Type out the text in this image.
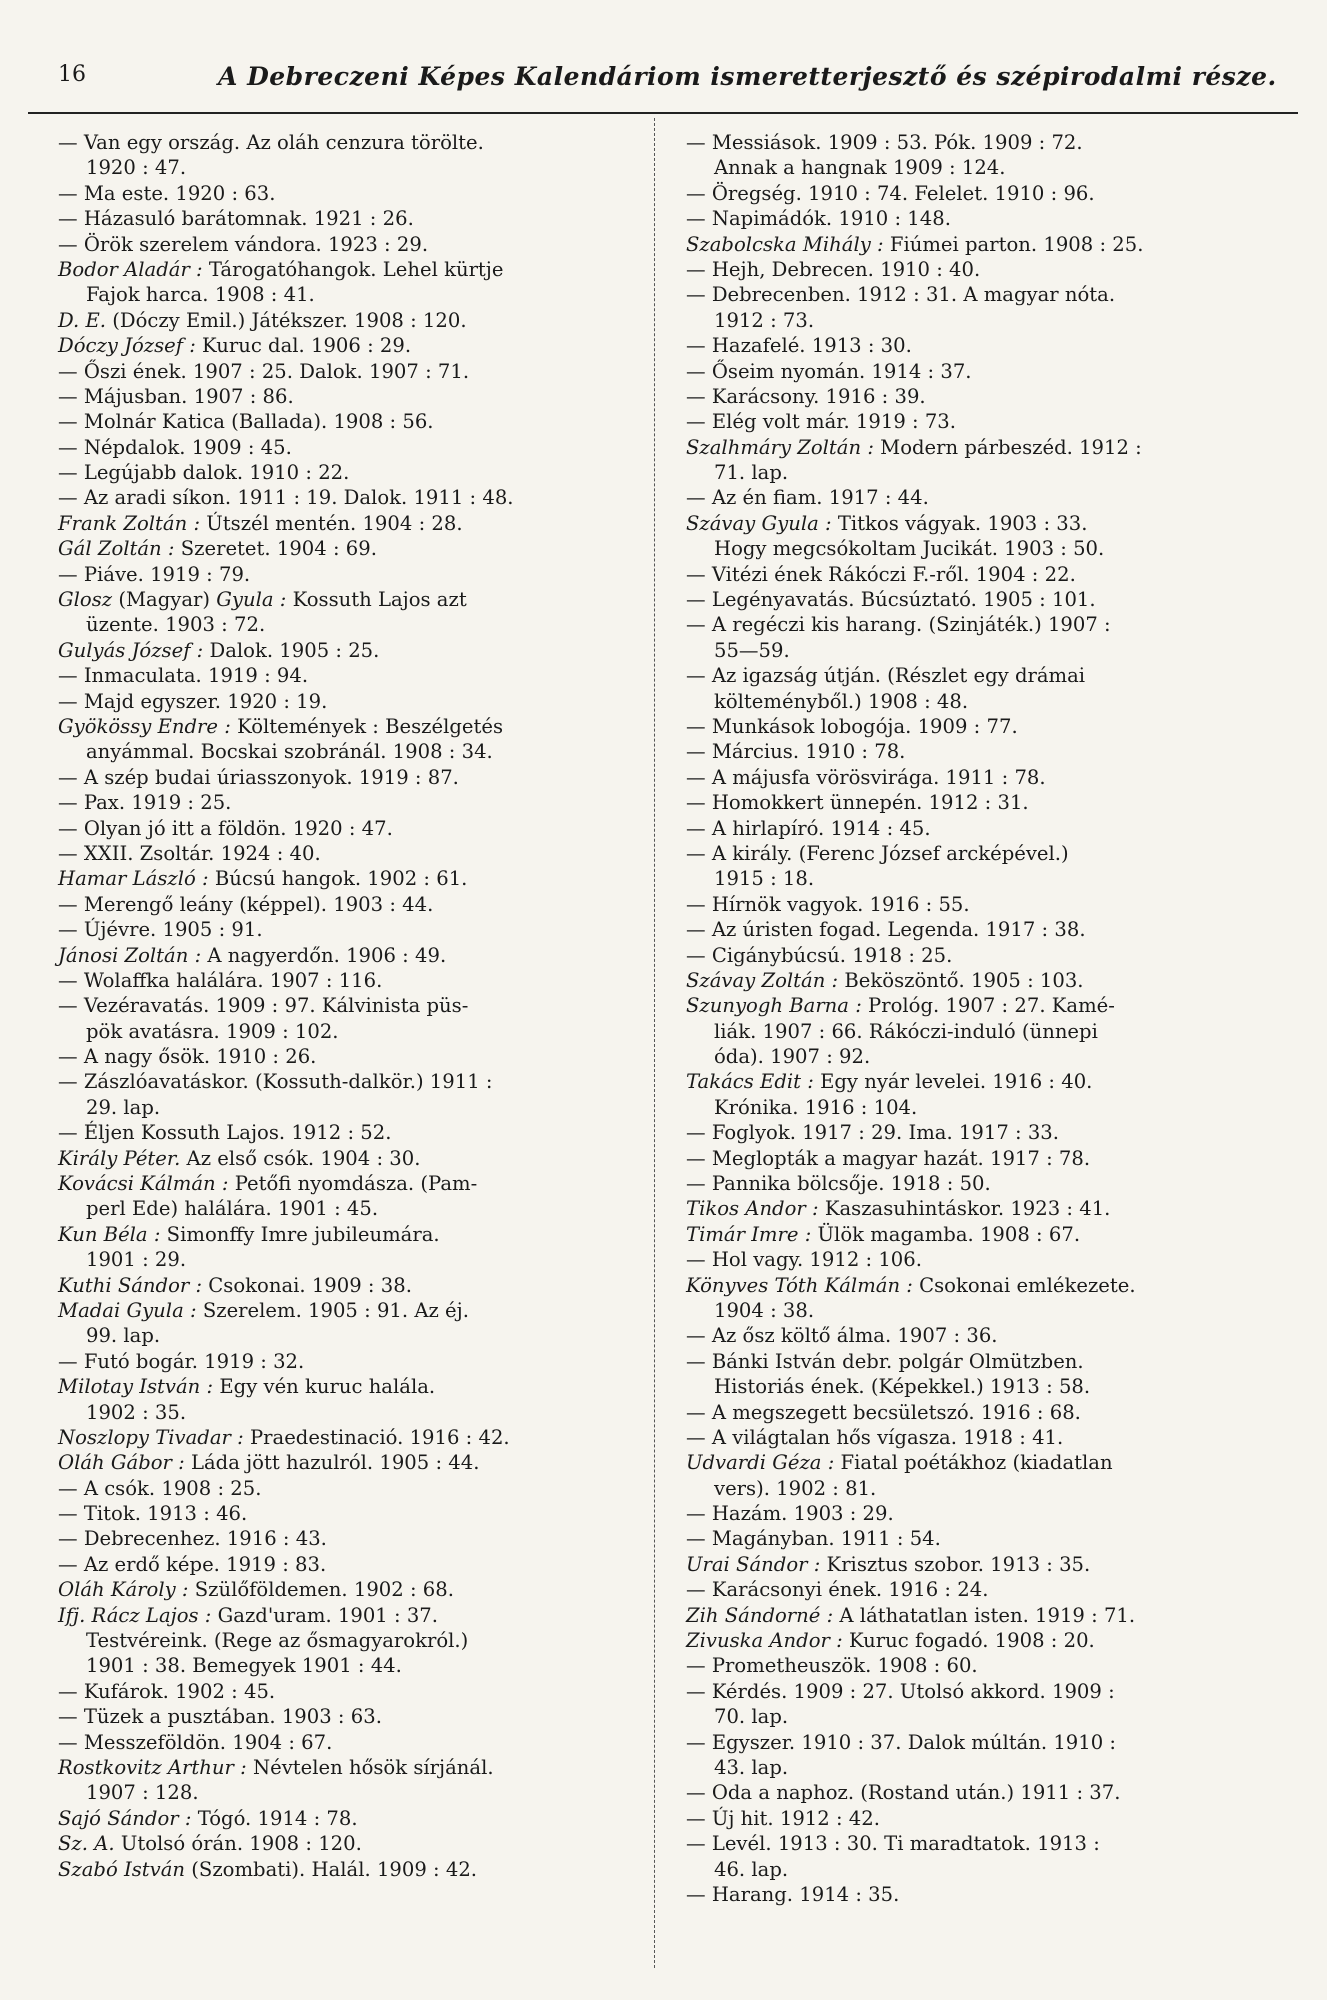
16	A Debreczeni Képes Kalendáriom ismeretterjesztő és szépirodalmi része.
— Van egy ország. Az oláh cenzura törölte.
1920 : 47.
— Ma este. 1920 : 63.
— Házasuló barátomnak. 1921 : 26.
— Örök szerelem vándora. 1923 : 29.
Bodor Aladár : Tárogatóhangok. Lehel kürtje
Fajok harca. 1908 : 41.
D. E. (Dóczy Emil.) Játékszer. 1908 : 120.
Dóczy József : Kuruc dal. 1906 : 29.
— Őszi ének. 1907 : 25. Dalok. 1907 : 71.
— Májusban. 1907 : 86.
— Molnár Katica (Ballada). 1908 : 56.
— Népdalok. 1909 : 45.
— Legújabb dalok. 1910 : 22.
— Az aradi síkon. 1911 : 19. Dalok. 1911 : 48.
Frank Zoltán : Útszél mentén. 1904 : 28.
Gál Zoltán : Szeretet. 1904 : 69.
— Piáve. 1919 : 79.
Glosz (Magyar) Gyula : Kossuth Lajos azt
üzente. 1903 : 72.
Gulyás József : Dalok. 1905 : 25.
— Inmaculata. 1919 : 94.
— Majd egyszer. 1920 : 19.
Gyökössy Endre : Költemények : Beszélgetés
anyámmal. Bocskai szobránál. 1908 : 34.
— A szép budai úriasszonyok. 1919 : 87.
— Pax. 1919 : 25.
— Olyan jó itt a földön. 1920 : 47.
— XXII. Zsoltár. 1924 : 40.
Hamar László : Búcsú hangok. 1902 : 61.
— Merengő leány (képpel). 1903 : 44.
— Újévre. 1905 : 91.
Jánosi Zoltán : A nagyerdőn. 1906 : 49.
— Wolaffka halálára. 1907 : 116.
— Vezéravatás. 1909 : 97. Kálvinista püs-
pök avatásra. 1909 : 102.
— A nagy ősök. 1910 : 26.
— Zászlóavatáskor. (Kossuth-dalkör.) 1911 :
29. lap.
— Éljen Kossuth Lajos. 1912 : 52.
Király Péter. Az első csók. 1904 : 30.
Kovácsi Kálmán : Petőfi nyomdásza. (Pam-
perl Ede) halálára. 1901 : 45.
Kun Béla : Simonffy Imre jubileumára.
1901 : 29.
Kuthi Sándor : Csokonai. 1909 : 38.
Madai Gyula : Szerelem. 1905 : 91. Az éj.
99. lap.
— Futó bogár. 1919 : 32.
Milotay István : Egy vén kuruc halála.
1902 : 35.
Noszlopy Tivadar : Praedestinació. 1916 : 42.
Oláh Gábor : Láda jött hazulról. 1905 : 44.
— A csók. 1908 : 25.
— Titok. 1913 : 46.
— Debrecenhez. 1916 : 43.
— Az erdő képe. 1919 : 83.
Oláh Károly : Szülőföldemen. 1902 : 68.
Ifj. Rácz Lajos : Gazd'uram. 1901 : 37.
Testvéreink. (Rege az ősmagyarokról.)
1901 : 38. Bemegyek 1901 : 44.
— Kufárok. 1902 : 45.
— Tüzek a pusztában. 1903 : 63.
— Messzeföldön. 1904 : 67.
Rostkovitz Arthur : Névtelen hősök sírjánál.
1907 : 128.
Sajó Sándor : Tógó. 1914 : 78.
Sz. A. Utolsó órán. 1908 : 120.
Szabó István (Szombati). Halál. 1909 : 42.
— Messiások. 1909 : 53. Pók. 1909 : 72.
Annak a hangnak 1909 : 124.
— Öregség. 1910 : 74. Felelet. 1910 : 96.
— Napimádók. 1910 : 148.
Szabolcska Mihály : Fiúmei parton. 1908 : 25.
— Hejh, Debrecen. 1910 : 40.
— Debrecenben. 1912 : 31. A magyar nóta.
1912 : 73.
— Hazafelé. 1913 : 30.
— Őseim nyomán. 1914 : 37.
— Karácsony. 1916 : 39.
— Elég volt már. 1919 : 73.
Szalhmáry Zoltán : Modern párbeszéd. 1912 :
71. lap.
— Az én fiam. 1917 : 44.
Szávay Gyula : Titkos vágyak. 1903 : 33.
Hogy megcsókoltam Jucikát. 1903 : 50.
— Vitézi ének Rákóczi F.-ről. 1904 : 22.
— Legényavatás. Búcsúztató. 1905 : 101.
— A regéczi kis harang. (Szinjáték.) 1907 :
55—59.
— Az igazság útján. (Részlet egy drámai
költeményből.) 1908 : 48.
— Munkások lobogója. 1909 : 77.
— Március. 1910 : 78.
— A májusfa vörösvirága. 1911 : 78.
— Homokkert ünnepén. 1912 : 31.
— A hirlapíró. 1914 : 45.
— A király. (Ferenc József arcképével.)
1915 : 18.
— Hírnök vagyok. 1916 : 55.
— Az úristen fogad. Legenda. 1917 : 38.
— Cigánybúcsú. 1918 : 25.
Szávay Zoltán : Beköszöntő. 1905 : 103.
Szunyogh Barna : Prológ. 1907 : 27. Kamé-
liák. 1907 : 66. Rákóczi-induló (ünnepi
óda). 1907 : 92.
Takács Edit : Egy nyár levelei. 1916 : 40.
Krónika. 1916 : 104.
— Foglyok. 1917 : 29. Ima. 1917 : 33.
— Meglopták a magyar hazát. 1917 : 78.
— Pannika bölcsője. 1918 : 50.
Tikos Andor : Kaszasuhintáskor. 1923 : 41.
Timár Imre : Ülök magamba. 1908 : 67.
— Hol vagy. 1912 : 106.
Könyves Tóth Kálmán : Csokonai emlékezete.
1904 : 38.
— Az ősz költő álma. 1907 : 36.
— Bánki István debr. polgár Olmützben.
Historiás ének. (Képekkel.) 1913 : 58.
— A megszegett becsületszó. 1916 : 68.
— A világtalan hős vígasza. 1918 : 41.
Udvardi Géza : Fiatal poétákhoz (kiadatlan
vers). 1902 : 81.
— Hazám. 1903 : 29.
— Magányban. 1911 : 54.
Urai Sándor : Krisztus szobor. 1913 : 35.
— Karácsonyi ének. 1916 : 24.
Zih Sándorné : A láthatatlan isten. 1919 : 71.
Zivuska Andor : Kuruc fogadó. 1908 : 20.
— Prometheuszök. 1908 : 60.
— Kérdés. 1909 : 27. Utolsó akkord. 1909 :
70. lap.
— Egyszer. 1910 : 37. Dalok múltán. 1910 :
43. lap.
— Oda a naphoz. (Rostand után.) 1911 : 37.
— Új hit. 1912 : 42.
— Levél. 1913 : 30. Ti maradtatok. 1913 :
46. lap.
— Harang. 1914 : 35.
